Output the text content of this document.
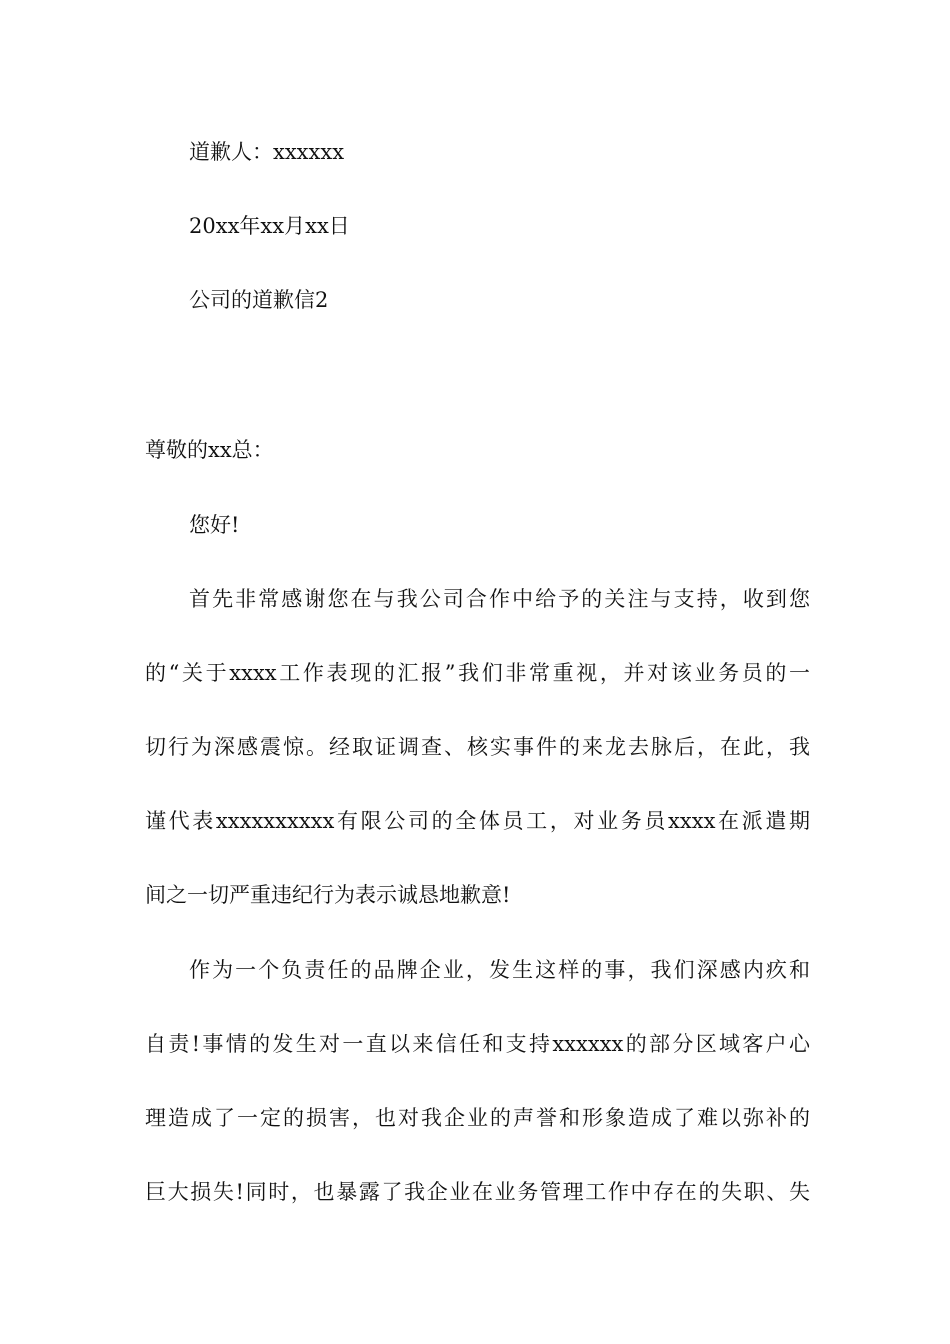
道歉人：xxxxxx
20xx年xx月xx日
公司的道歉信2
尊敬的xx总：
您好!
首先非常感谢您在与我公司合作中给予的关注与支持，收到您
的“关于xxxx工作表现的汇报”我们非常重视，并对该业务员的一
切行为深感震惊。经取证调查、核实事件的来龙去脉后，在此，我
谨代表xxxxxxxxxx有限公司的全体员工，对业务员xxxx在派遣期
间之一切严重违纪行为表示诚恳地歉意!
作为一个负责任的品牌企业，发生这样的事，我们深感内疚和
自责!事情的发生对一直以来信任和支持xxxxxx的部分区域客户心
理造成了一定的损害，也对我企业的声誉和形象造成了难以弥补的
巨大损失!同时，也暴露了我企业在业务管理工作中存在的失职、失
